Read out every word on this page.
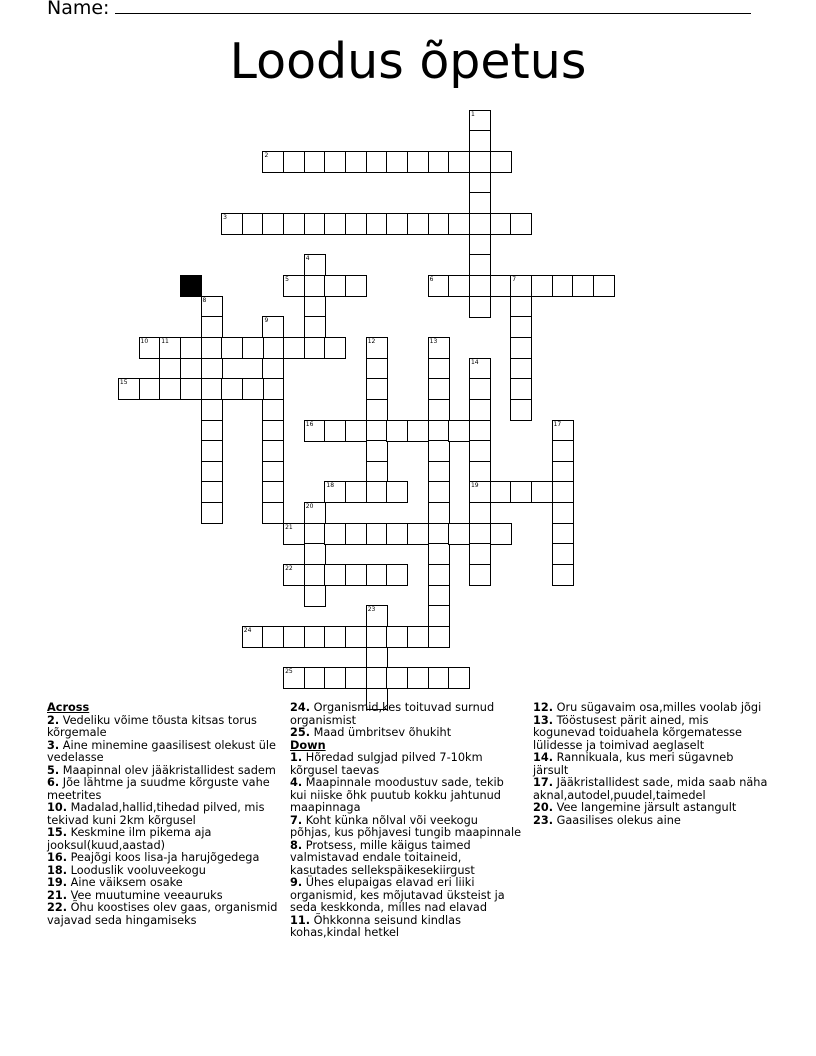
Name:
Loodus õpetus
1
2
3
4
5	6	7
8
9
10 11	12	13
14
19
15
16	17
18
20
21
22
23
24
25
Across
2. Vedeliku võime tõusta kitsas torus kõrgemale
3. Aine minemine gaasilisest olekust üle vedelasse
5. Maapinnal olev jääkristallidest sadem
6. Jõe lähtme ja suudme kõrguste vahe meetrites
10. Madalad,hallid,tihedad pilved, mis tekivad kuni 2km kõrgusel
15. Keskmine ilm pikema aja jooksul(kuud,aastad)
16. Peajõgi koos lisa-ja harujõgedega
18. Looduslik vooluveekogu
19. Aine väiksem osake
21. Vee muutumine veeauruks
22. Õhu koostises olev gaas, organismid vajavad seda hingamiseks
24. Organismid,kes toituvad surnud organismist
25. Maad ümbritsev õhukiht
Down
1. Hõredad sulgjad pilved 7-10km kõrgusel taevas
4. Maapinnale moodustuv sade, tekib kui niiske õhk puutub kokku jahtunud maapinnaga
7. Koht künka nõlval või veekogu põhjas, kus põhjavesi tungib maapinnale
8. Protsess, mille käigus taimed valmistavad endale toitaineid, kasutades sellekspäikesekiirgust
9. Ühes elupaigas elavad eri liiki organismid, kes mõjutavad üksteist ja seda keskkonda, milles nad elavad
11. Õhkkonna seisund kindlas kohas,kindal hetkel
12. Oru sügavaim osa,milles voolab jõgi
13. Tööstusest pärit ained, mis kogunevad toiduahela kõrgematesse lülidesse ja toimivad aeglaselt
14. Rannikuala, kus meri sügavneb järsult
17. Jääkristallidest sade, mida saab näha aknal,autodel,puudel,taimedel
20. Vee langemine järsult astangult
23. Gaasilises olekus aine
